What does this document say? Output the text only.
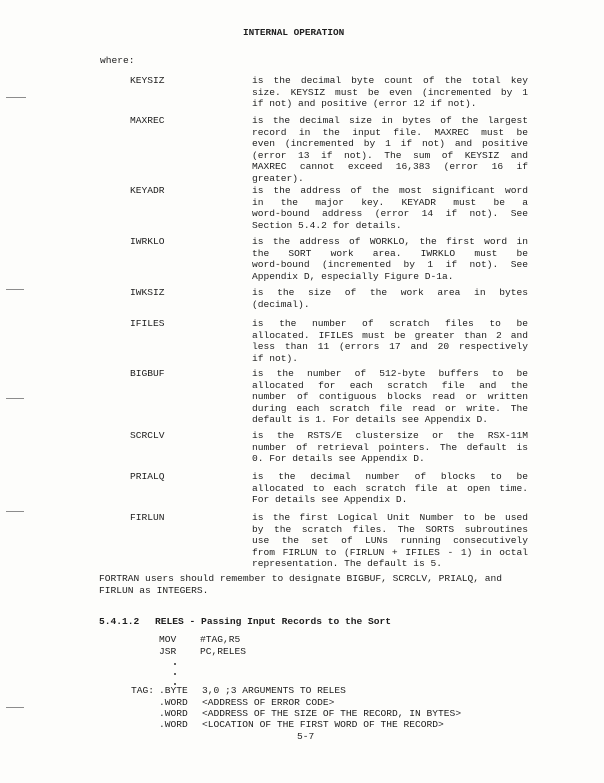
INTERNAL OPERATION
where:
KEYSIZ	is the decimal byte count of the total key
size. KEYSIZ must be even (incremented by 1
if not) and positive (error 12 if not).
MAXREC	is the decimal size in bytes of the largest
record in the input file. MAXREC must be
even (incremented by 1 if not) and positive
(error 13 if not). The sum of KEYSIZ and
MAXREC cannot exceed 16,383 (error 16 if
greater).
KEYADR	is the address of the most significant word
in the major key. KEYADR must be a
word-bound address (error 14 if not). See
Section 5.4.2 for details.
IWRKLO	is the address of WORKLO, the first word in
the SORT work area. IWRKLO must be
word-bound (incremented by 1 if not). See
Appendix D, especially Figure D-1a.
IWKSIZ	is the size of the work area in bytes
(decimal).
IFILES	is the number of scratch files to be
allocated. IFILES must be greater than 2 and
less than 11 (errors 17 and 20 respectively
if not).
BIGBUF	is the number of 512-byte buffers to be
allocated for each scratch file and the
number of contiguous blocks read or written
during each scratch file read or write. The
default is 1. For details see Appendix D.
SCRCLV	is the RSTS/E clustersize or the RSX-11M
number of retrieval pointers. The default is
0. For details see Appendix D.
PRIALQ	is the decimal number of blocks to be
allocated to each scratch file at open time.
For details see Appendix D.
FIRLUN	is the first Logical Unit Number to be used
by the scratch files. The SORTS subroutines
use the set of LUNs running consecutively
from FIRLUN to (FIRLUN + IFILES - 1) in octal
representation. The default is 5.
FORTRAN users should remember to designate BIGBUF, SCRCLV, PRIALQ, and
FIRLUN as INTEGERS.
5.4.1.2 RELES - Passing Input Records to the Sort
MOV #TAG,R5
JSR PC,RELES
TAG: .BYTE 3,0 ;3 ARGUMENTS TO RELES
.WORD <ADDRESS OF ERROR CODE>
.WORD <ADDRESS OF THE SIZE OF THE RECORD, IN BYTES>
.WORD <LOCATION OF THE FIRST WORD OF THE RECORD>
5-7
